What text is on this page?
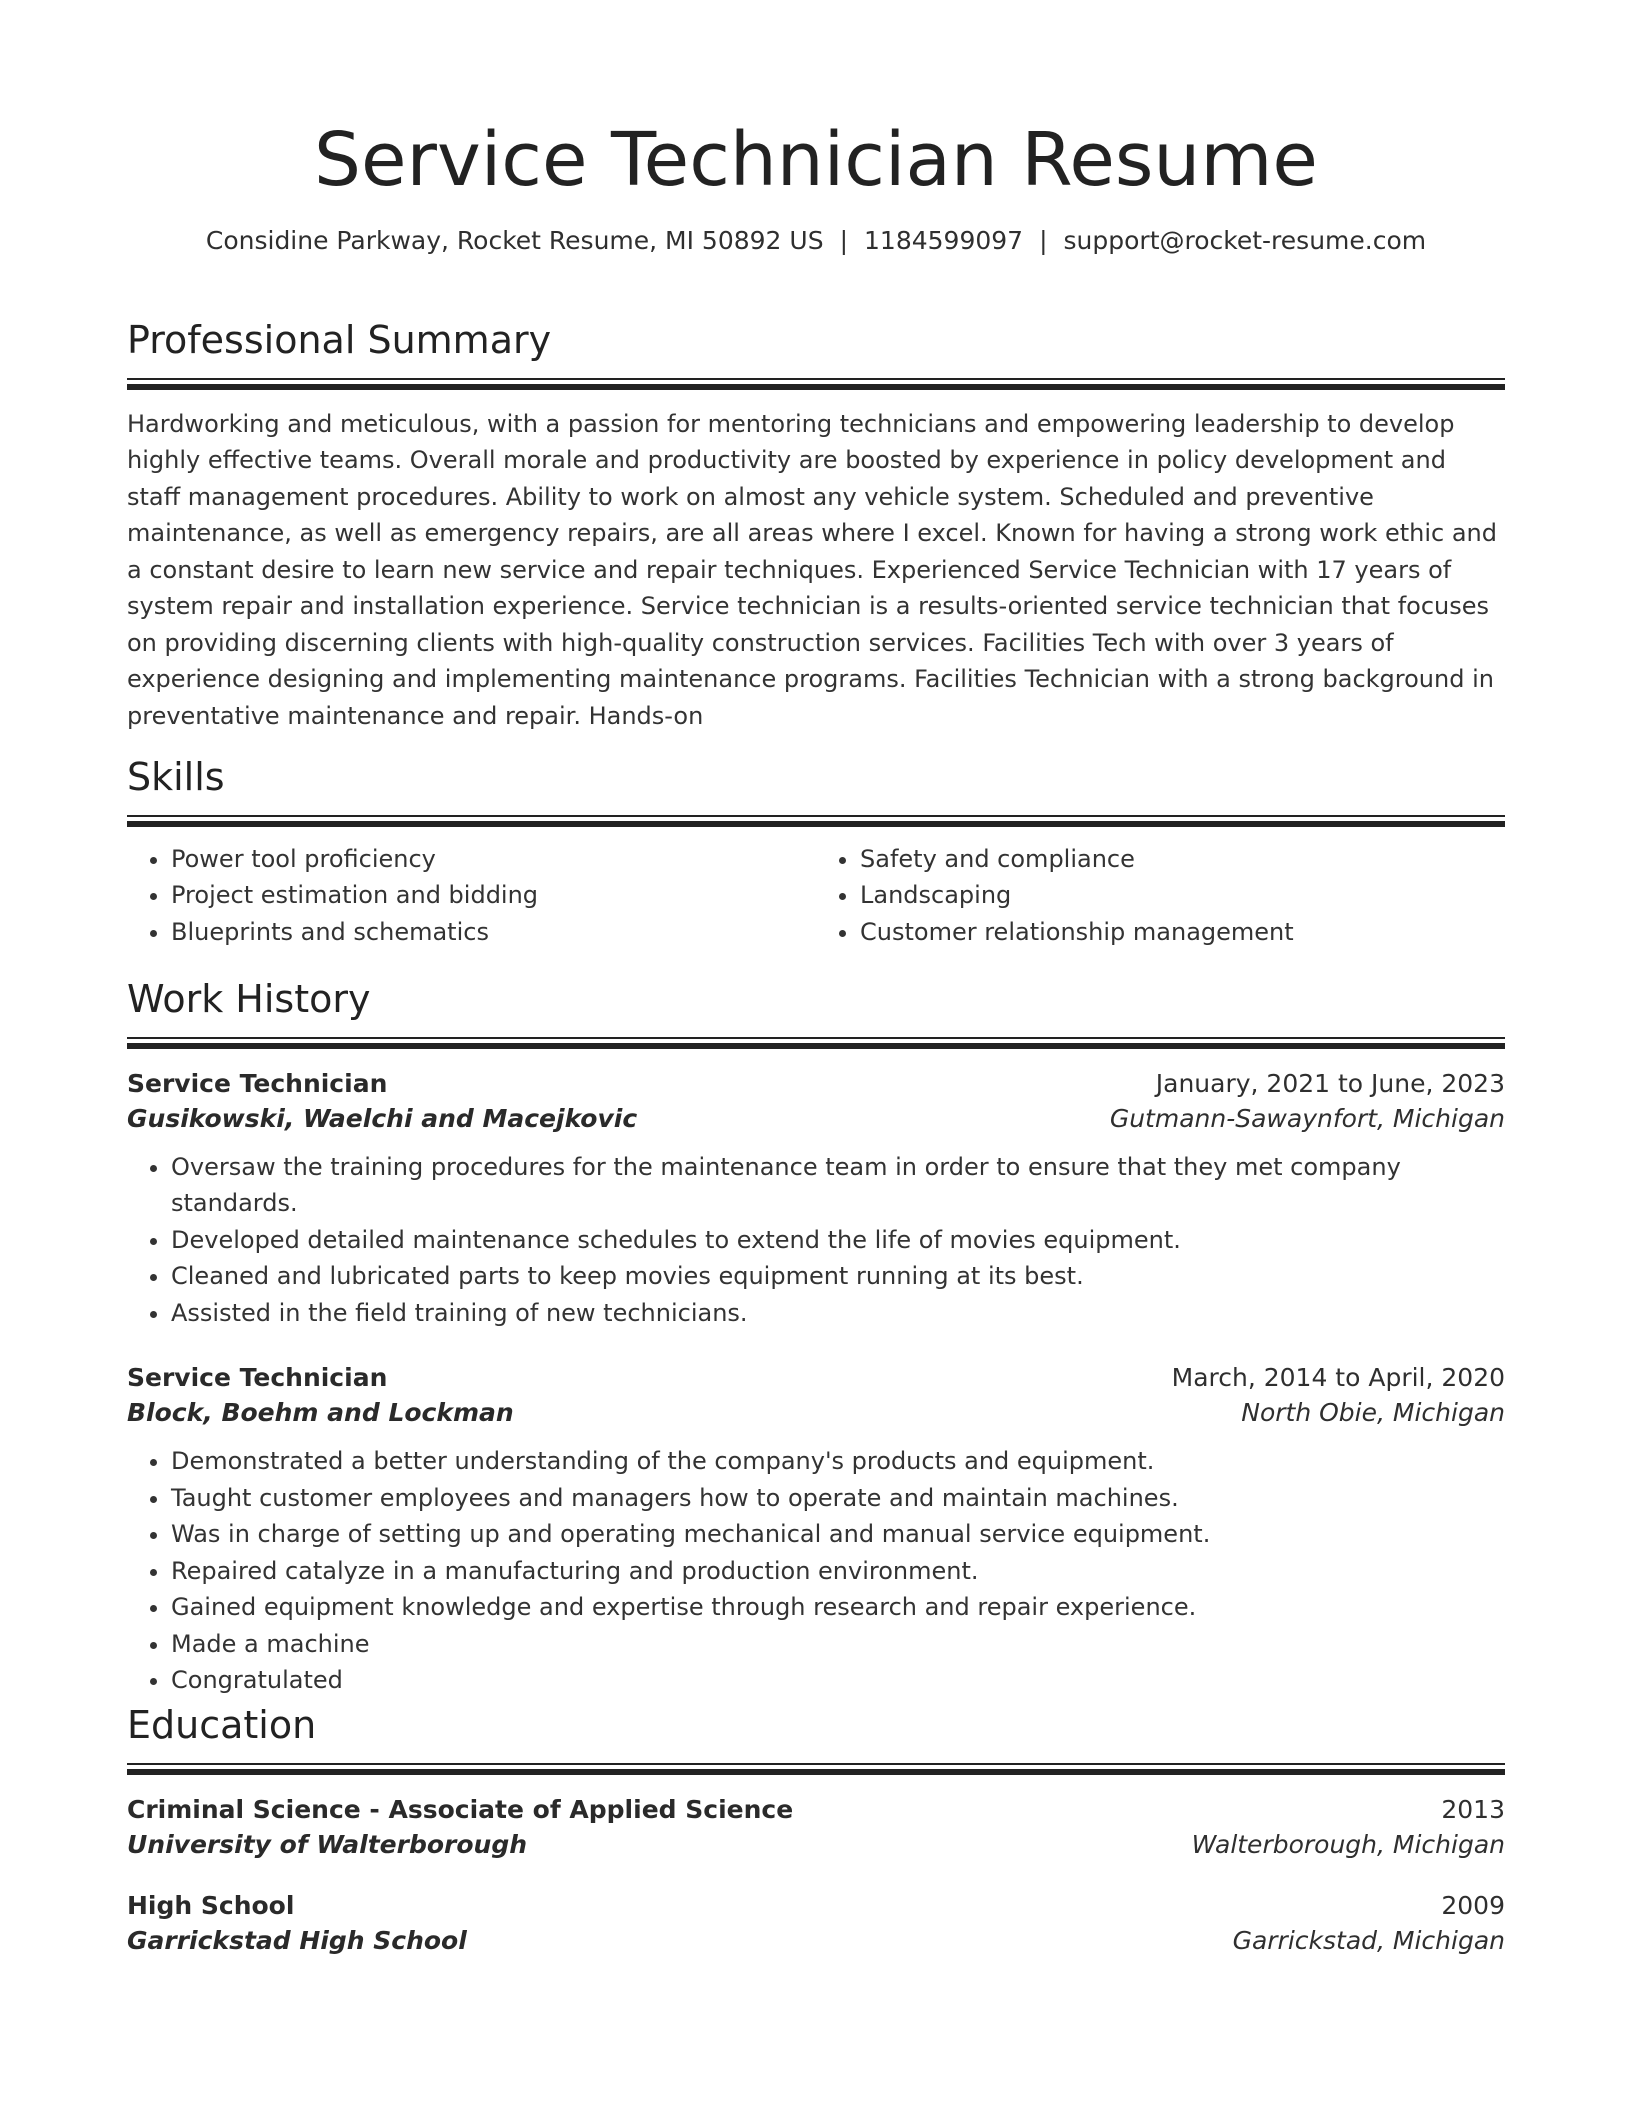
Service Technician Resume
Considine Parkway, Rocket Resume, MI 50892 US | 1184599097 | support@rocket-resume.com
Professional Summary
Hardworking and meticulous, with a passion for mentoring technicians and empowering leadership to develop highly effective teams. Overall morale and productivity are boosted by experience in policy development and staff management procedures. Ability to work on almost any vehicle system. Scheduled and preventive maintenance, as well as emergency repairs, are all areas where I excel. Known for having a strong work ethic and a constant desire to learn new service and repair techniques. Experienced Service Technician with 17 years of system repair and installation experience. Service technician is a results-oriented service technician that focuses on providing discerning clients with high-quality construction services. Facilities Tech with over 3 years of experience designing and implementing maintenance programs. Facilities Technician with a strong background in preventative maintenance and repair. Hands-on
Skills
• Power tool proficiency
• Project estimation and bidding
• Blueprints and schematics
• Safety and compliance
• Landscaping
• Customer relationship management
Work History
Service Technician	January, 2021 to June, 2023
Gusikowski, Waelchi and Macejkovic	Gutmann-Sawaynfort, Michigan
• Oversaw the training procedures for the maintenance team in order to ensure that they met company standards.
• Developed detailed maintenance schedules to extend the life of movies equipment.
• Cleaned and lubricated parts to keep movies equipment running at its best.
• Assisted in the field training of new technicians.
Service Technician	March, 2014 to April, 2020
Block, Boehm and Lockman	North Obie, Michigan
• Demonstrated a better understanding of the company's products and equipment.
• Taught customer employees and managers how to operate and maintain machines.
• Was in charge of setting up and operating mechanical and manual service equipment.
• Repaired catalyze in a manufacturing and production environment.
• Gained equipment knowledge and expertise through research and repair experience.
• Made a machine
• Congratulated
Education
Criminal Science - Associate of Applied Science	2013
University of Walterborough	Walterborough, Michigan
High School	2009
Garrickstad High School	Garrickstad, Michigan
